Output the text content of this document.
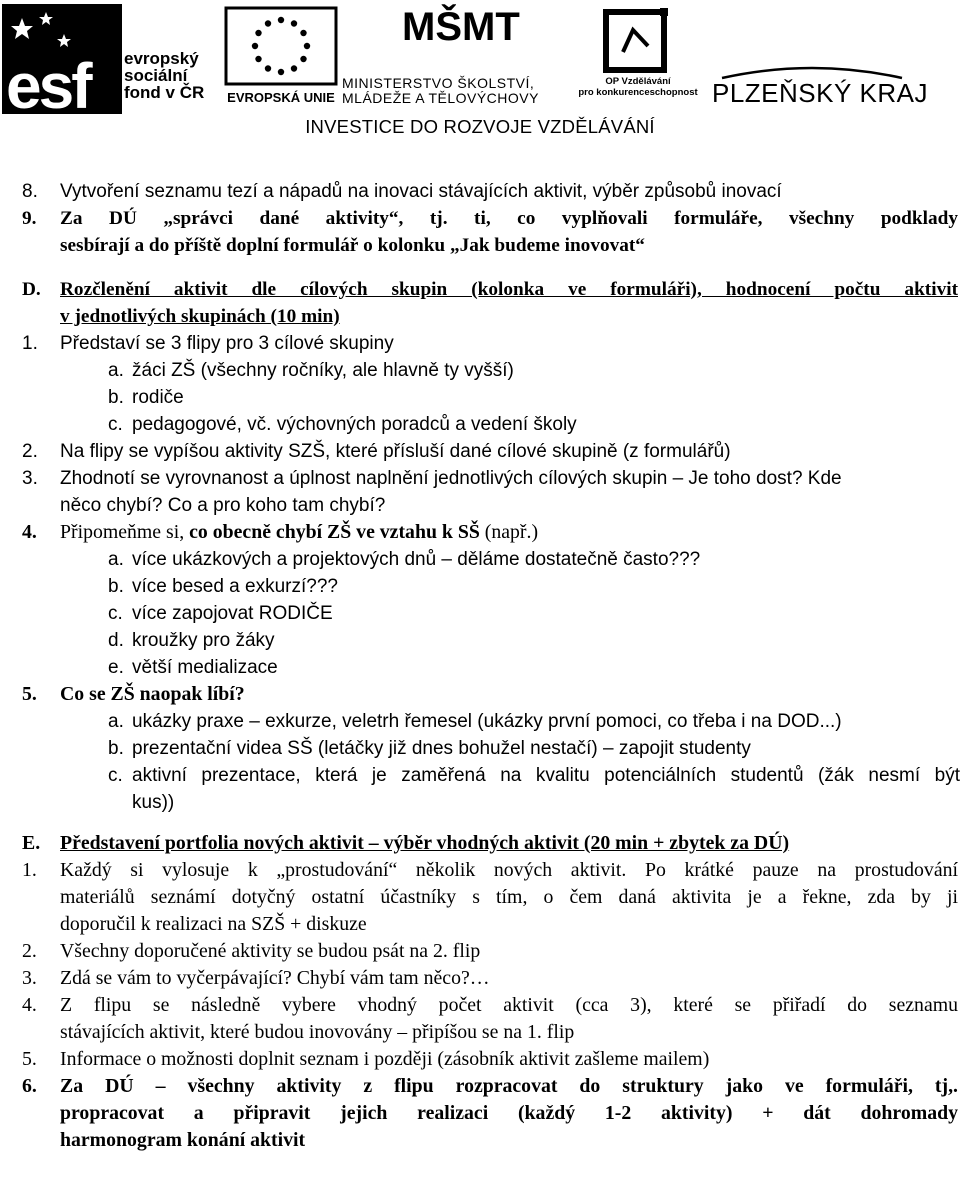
esf evropský
sociální
fond v ČR	EVROPSKÁ UNIE
MŠMT
MINISTERSTVO ŠKOLSTVÍ,
MLÁDEŽE A TĚLOVÝCHOVY
OP Vzdělávání
pro konkurenceschopnost PLZEŇSKÝ KRAJ
INVESTICE DO ROZVOJE VZDĚLÁVÁNÍ
8. Vytvoření seznamu tezí a nápadů na inovaci stávajících aktivit, výběr způsobů inovací
9. Za DÚ „správci dané aktivity“, tj. ti, co vyplňovali formuláře, všechny podklady
sesbírají a do příště doplní formulář o kolonku „Jak budeme inovovat“
D. Rozčlenění aktivit dle cílových skupin (kolonka ve formuláři), hodnocení počtu aktivit
v jednotlivých skupinách (10 min)
1. Představí se 3 flipy pro 3 cílové skupiny
a. žáci ZŠ (všechny ročníky, ale hlavně ty vyšší)
b. rodiče
c. pedagogové, vč. výchovných poradců a vedení školy
2. Na flipy se vypíšou aktivity SZŠ, které přísluší dané cílové skupině (z formulářů)
3. Zhodnotí se vyrovnanost a úplnost naplnění jednotlivých cílových skupin – Je toho dost? Kde
něco chybí? Co a pro koho tam chybí?
4. Připomeňme si, co obecně chybí ZŠ ve vztahu k SŠ (např.)
a. více ukázkových a projektových dnů – děláme dostatečně často???
b. více besed a exkurzí???
c. více zapojovat RODIČE
d. kroužky pro žáky
e. větší medializace
5. Co se ZŠ naopak líbí?
a. ukázky praxe – exkurze, veletrh řemesel (ukázky první pomoci, co třeba i na DOD...)
b. prezentační videa SŠ (letáčky již dnes bohužel nestačí) – zapojit studenty
c. aktivní prezentace, která je zaměřená na kvalitu potenciálních studentů (žák nesmí být
kus))
E. Představení portfolia nových aktivit – výběr vhodných aktivit (20 min + zbytek za DÚ)
1. Každý si vylosuje k „prostudování“ několik nových aktivit. Po krátké pauze na prostudování
materiálů seznámí dotyčný ostatní účastníky s tím, o čem daná aktivita je a řekne, zda by ji
doporučil k realizaci na SZŠ + diskuze
2. Všechny doporučené aktivity se budou psát na 2. flip
3. Zdá se vám to vyčerpávající? Chybí vám tam něco?…
4. Z flipu se následně vybere vhodný počet aktivit (cca 3), které se přiřadí do seznamu
stávajících aktivit, které budou inovovány – připíšou se na 1. flip
5. Informace o možnosti doplnit seznam i později (zásobník aktivit zašleme mailem)
6. Za DÚ – všechny aktivity z flipu rozpracovat do struktury jako ve formuláři, tj,.
propracovat a připravit jejich realizaci (každý 1-2 aktivity) + dát dohromady
harmonogram konání aktivit
